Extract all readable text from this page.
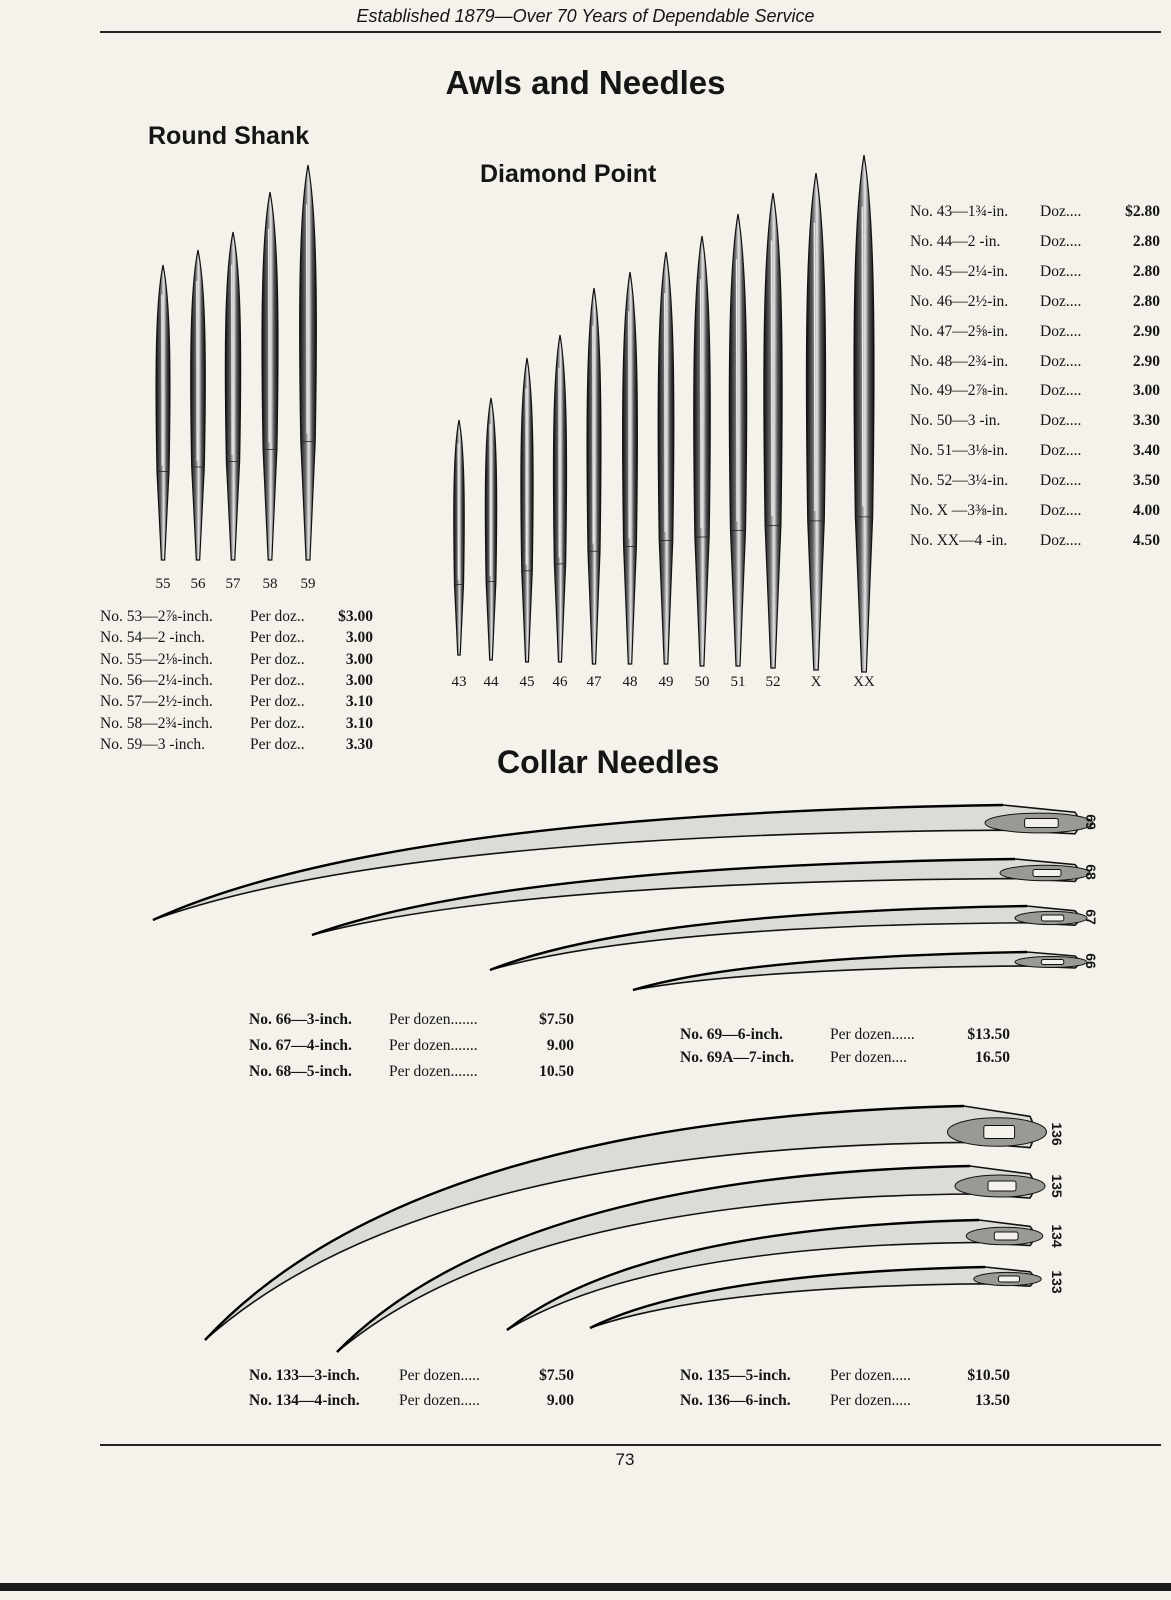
Established 1879—Over 70 Years of Dependable Service
Awls and Needles
Round Shank
Diamond Point
55	56	57	58	59
No. 53—2⅞-inch. Per doz.. $3.00
No. 54—2 -inch.	Per doz..	3.00
No. 55—2⅛-inch. Per doz..	3.00
No. 56—2¼-inch. Per doz..	3.00
No. 57—2½-inch. Per doz..	3.10
No. 58—2¾-inch. Per doz..	3.10
No. 59—3 -inch.	Per doz..	3.30
43	44	45	46	47	48	49	50	51	52	X	XX
No. 43—1¾-in. Doz....	$2.80
No. 44—2 -in.	Doz....	2.80
No. 45—2¼-in. Doz....	2.80
No. 46—2½-in. Doz....	2.80
No. 47—2⅝-in. Doz....	2.90
No. 48—2¾-in. Doz....	2.90
No. 49—2⅞-in. Doz....	3.00
No. 50—3 -in.	Doz....	3.30
No. 51—3⅛-in. Doz....	3.40
No. 52—3¼-in. Doz....	3.50
No. X —3⅜-in. Doz....	4.00
No. XX—4 -in. Doz....	4.50
Collar Needles
69
68
67
66
136
135
134
133
No. 66—3-inch. Per dozen.......	$7.50
No. 67—4-inch. Per dozen.......	9.00
No. 68—5-inch. Per dozen.......	10.50
No. 69—6-inch.	Per dozen......	$13.50
No. 69A—7-inch. Per dozen....	16.50
No. 133—3-inch.	Per dozen.....	$7.50
No. 134—4-inch.	Per dozen.....	9.00
No. 135—5-inch.	Per dozen.....	$10.50
No. 136—6-inch.	Per dozen.....	13.50
73
